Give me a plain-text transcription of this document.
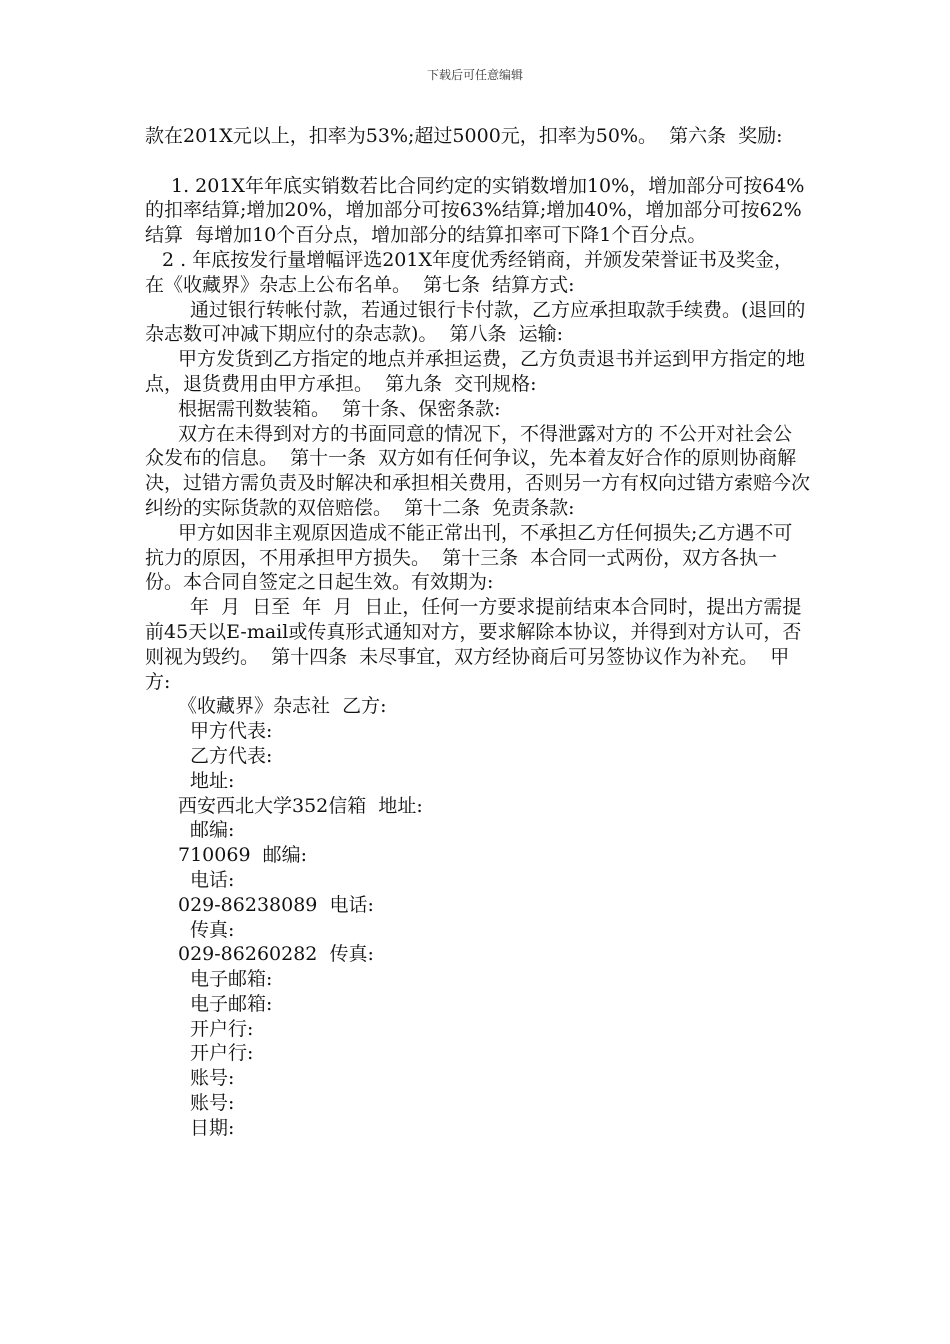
下载后可任意编辑

款在201X元以上，扣率为53%;超过5000元，扣率为50%。  第六条  奖励:

1. 201X年年底实销数若比合同约定的实销数增加10%，增加部分可按64%的扣率结算;增加20%，增加部分可按63%结算;增加40%，增加部分可按62%结算  每增加10个百分点，增加部分的结算扣率可下降1个百分点。

2 . 年底按发行量增幅评选201X年度优秀经销商，并颁发荣誉证书及奖金，在《收藏界》杂志上公布名单。  第七条  结算方式:

通过银行转帐付款，若通过银行卡付款，乙方应承担取款手续费。(退回的杂志数可冲减下期应付的杂志款)。  第八条  运输:

甲方发货到乙方指定的地点并承担运费，乙方负责退书并运到甲方指定的地点，退货费用由甲方承担。  第九条  交刊规格:

根据需刊数装箱。  第十条、保密条款:

双方在未得到对方的书面同意的情况下，不得泄露对方的 不公开对社会公众发布的信息。  第十一条  双方如有任何争议，先本着友好合作的原则协商解决，过错方需负责及时解决和承担相关费用，否则另一方有权向过错方索赔今次纠纷的实际货款的双倍赔偿。  第十二条  免责条款:

甲方如因非主观原因造成不能正常出刊，不承担乙方任何损失;乙方遇不可抗力的原因，不用承担甲方损失。  第十三条  本合同一式两份，双方各执一份。本合同自签定之日起生效。有效期为:

年  月  日至  年  月  日止，任何一方要求提前结束本合同时，提出方需提前45天以E-mail或传真形式通知对方，要求解除本协议，并得到对方认可，否则视为毁约。  第十四条  未尽事宜，双方经协商后可另签协议作为补充。  甲方:

《收藏界》杂志社  乙方:

甲方代表:

乙方代表:

地址:

西安西北大学352信箱  地址:

邮编:

710069  邮编:

电话:

029-86238089  电话:

传真:

029-86260282  传真:

电子邮箱:

电子邮箱:

开户行:

开户行:

账号:

账号:

日期:
